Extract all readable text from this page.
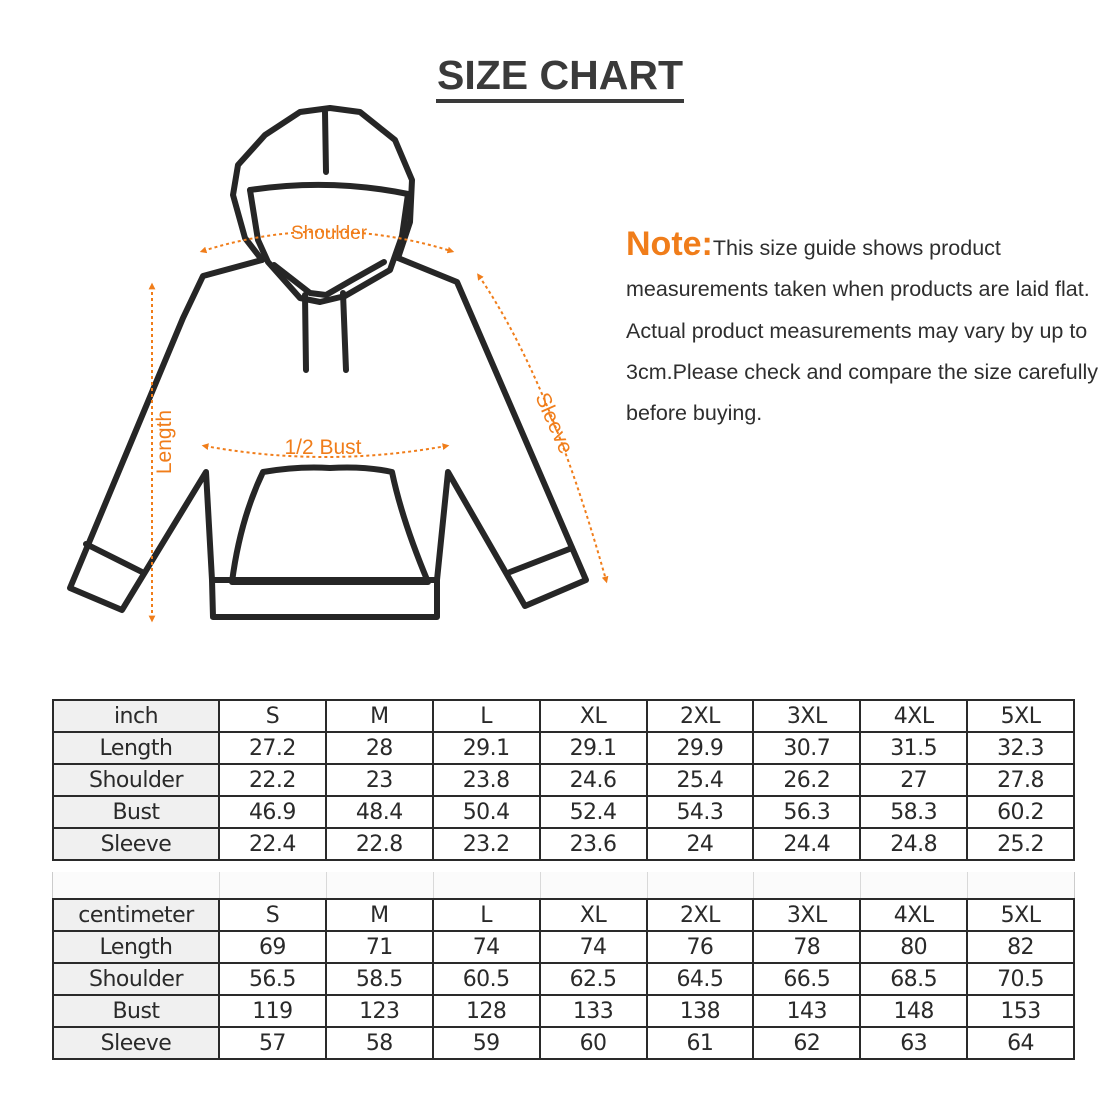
SIZE CHART
Shoulder
1/2 Bust
Length	Sleeve
Note:This size guide shows product measurements taken when products are laid flat. Actual product measurements may vary by up to 3cm.Please check and compare the size carefully before buying.
inch	S	M	L	XL	2XL	3XL	4XL	5XL
Length	27.2	28	29.1	29.1	29.9	30.7	31.5	32.3
Shoulder	22.2	23	23.8	24.6	25.4	26.2	27	27.8
Bust	46.9	48.4	50.4	52.4	54.3	56.3	58.3	60.2
Sleeve	22.4	22.8	23.2	23.6	24	24.4	24.8	25.2
centimeter	S	M	L	XL	2XL	3XL	4XL	5XL
Length	69	71	74	74	76	78	80	82
Shoulder	56.5	58.5	60.5	62.5	64.5	66.5	68.5	70.5
Bust	119	123	128	133	138	143	148	153
Sleeve	57	58	59	60	61	62	63	64
